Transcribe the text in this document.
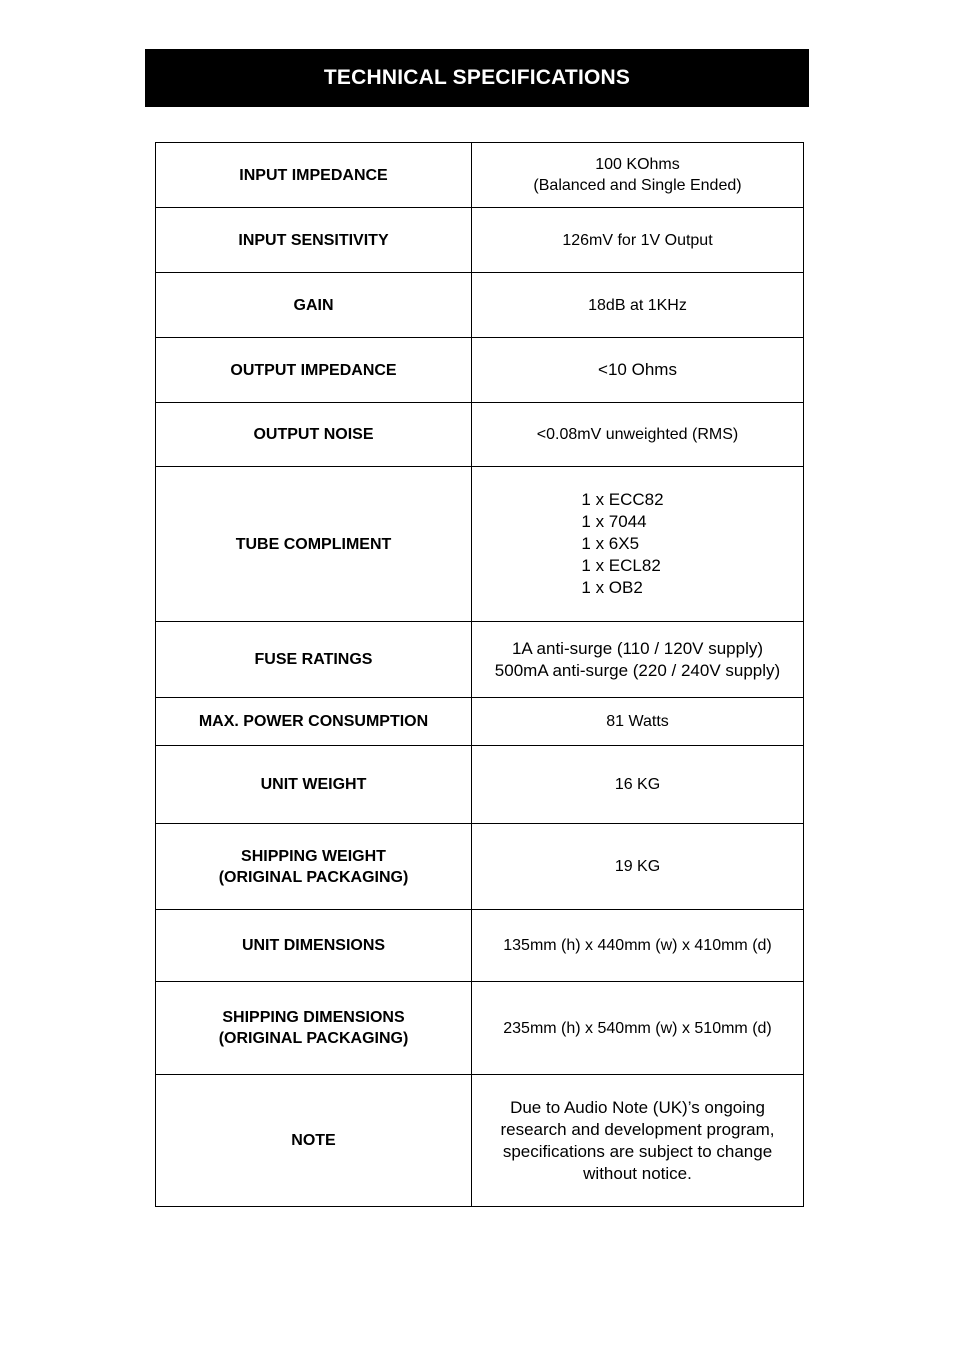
TECHNICAL SPECIFICATIONS
INPUT IMPEDANCE	100 KOhms
(Balanced and Single Ended)

INPUT SENSITIVITY	126mV for 1V Output

GAIN	18dB at 1KHz

OUTPUT IMPEDANCE	<10 Ohms

OUTPUT NOISE	<0.08mV unweighted (RMS)

TUBE COMPLIMENT	1 x ECC82
1 x 7044
1 x 6X5
1 x ECL82
1 x OB2

FUSE RATINGS	1A anti-surge (110 / 120V supply)
500mA anti-surge (220 / 240V supply)

MAX. POWER CONSUMPTION	81 Watts

UNIT WEIGHT	16 KG

SHIPPING WEIGHT
(ORIGINAL PACKAGING)	19 KG

UNIT DIMENSIONS	135mm (h) x 440mm (w) x 410mm (d)

SHIPPING DIMENSIONS
(ORIGINAL PACKAGING)	235mm (h) x 540mm (w) x 510mm (d)

NOTE	Due to Audio Note (UK)’s ongoing
research and development program,
specifications are subject to change
without notice.
